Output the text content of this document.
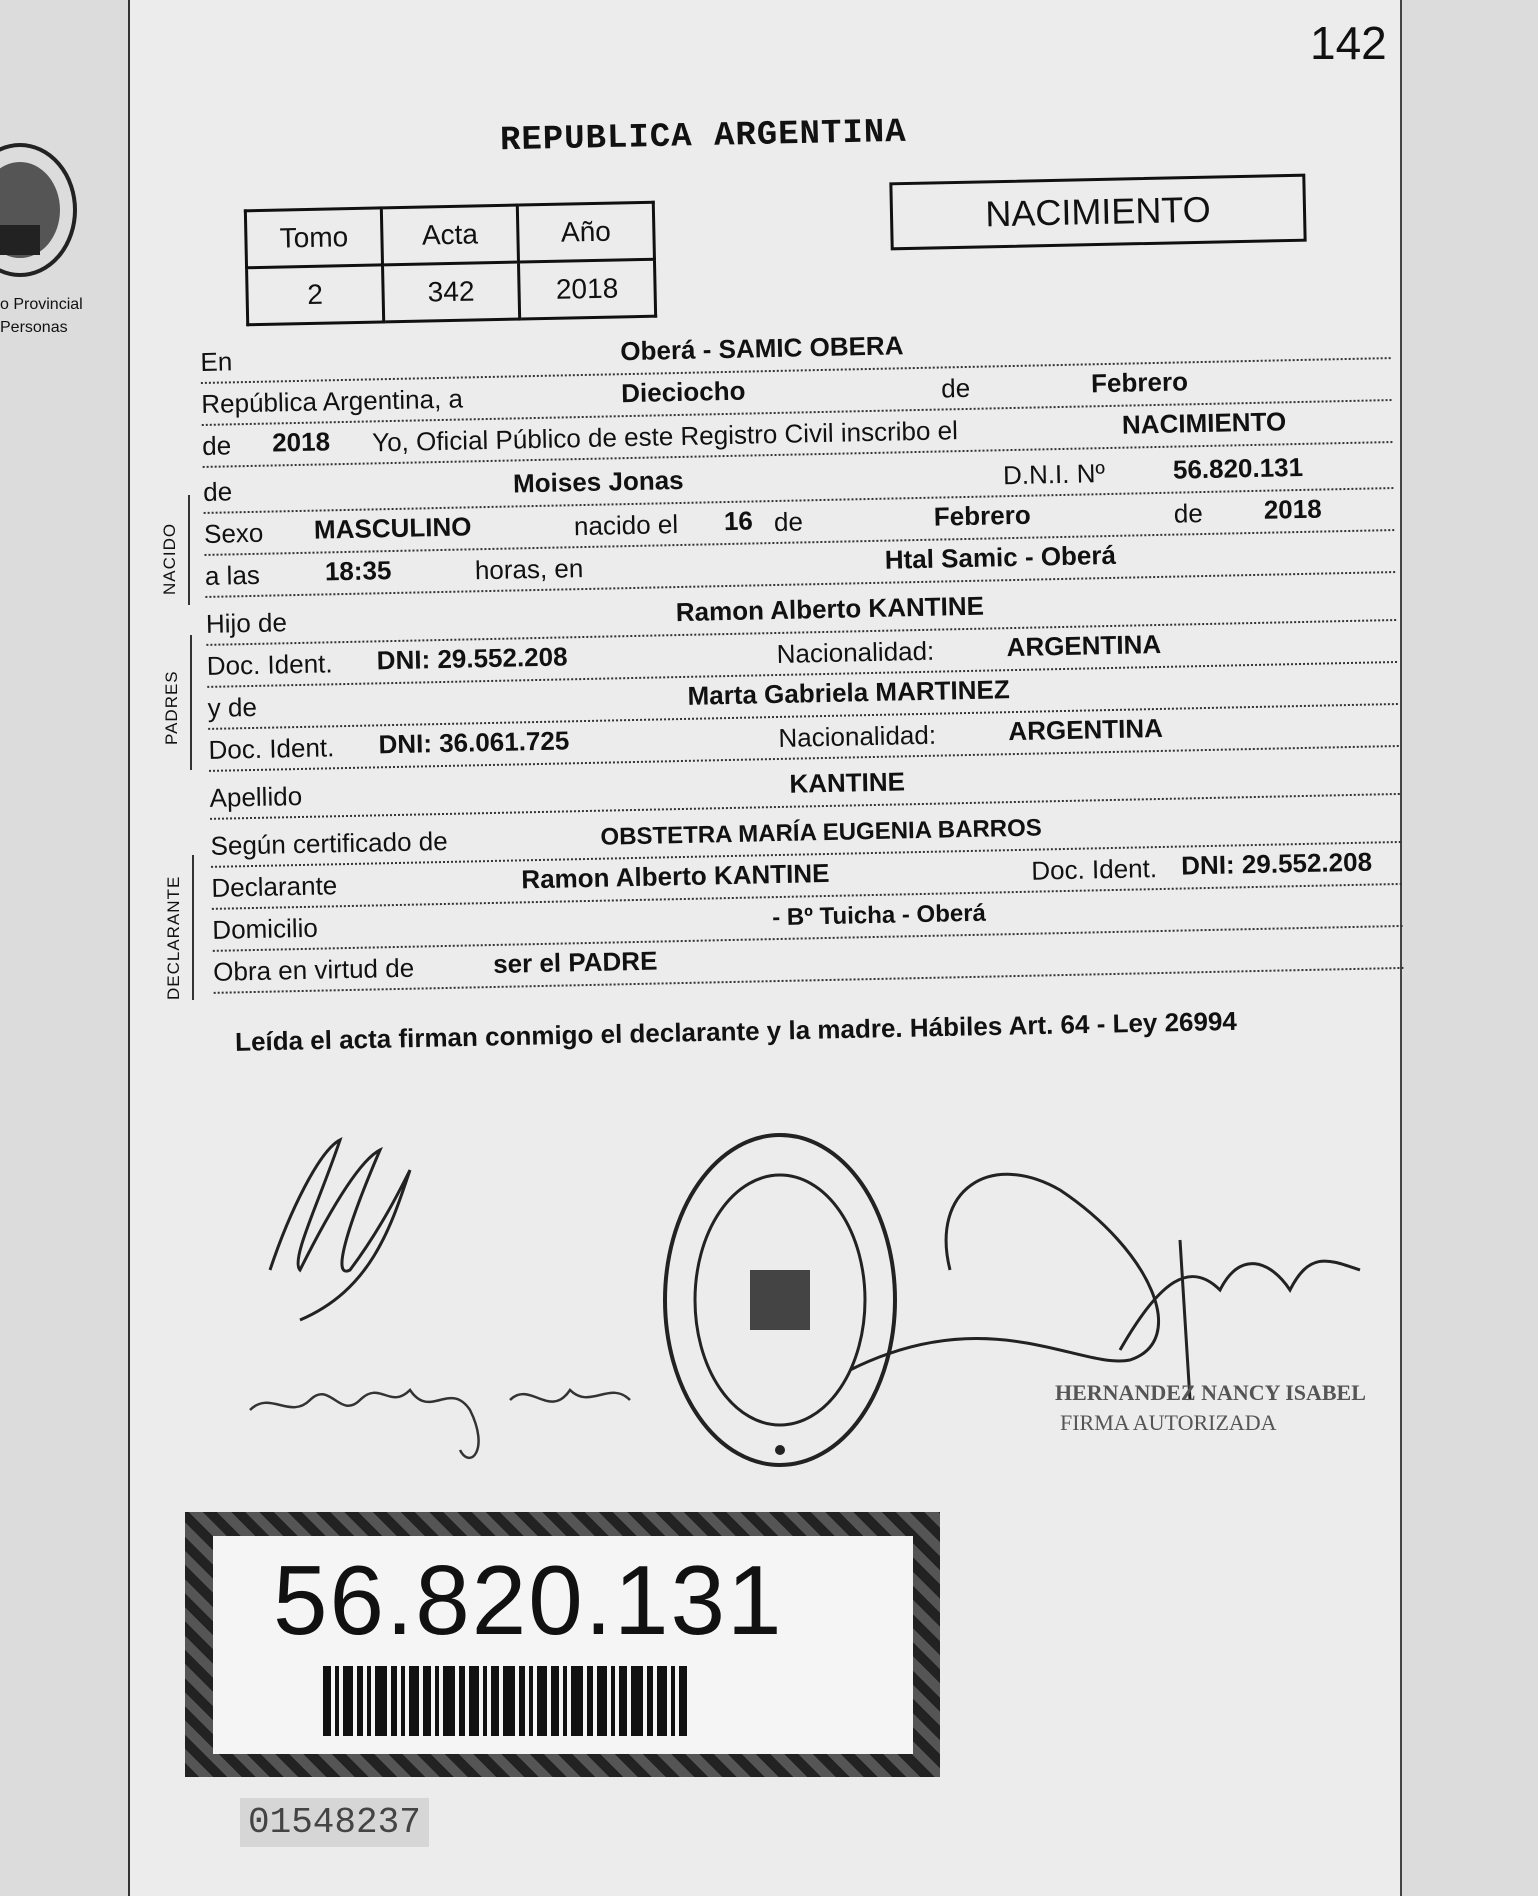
142
o Provincial
Personas
REPUBLICA ARGENTINA
NACIMIENTO
Tomo	Acta	Año
2	342	2018
NACIDO
PADRES
DECLARANTE
En	Oberá - SAMIC OBERA
República Argentina, a	Dieciocho	de	Febrero
de 2018 Yo, Oficial Público de este Registro Civil inscribo el	NACIMIENTO
de	Moises Jonas	D.N.I. Nº	56.820.131
Sexo MASCULINO	nacido el 16 de	Febrero	de 2018
a las 18:35	horas, en	Htal Samic - Oberá
Hijo de	Ramon Alberto KANTINE
Doc. Ident. DNI: 29.552.208	Nacionalidad:	ARGENTINA
y de	Marta Gabriela MARTINEZ
Doc. Ident. DNI: 36.061.725	Nacionalidad:	ARGENTINA
Apellido	KANTINE
Según certificado de	OBSTETRA MARÍA EUGENIA BARROS
Declarante	Ramon Alberto KANTINE	Doc. Ident. DNI: 29.552.208
Domicilio	- Bº Tuicha - Oberá
Obra en virtud de	ser el PADRE
Leída el acta firman conmigo el declarante y la madre. Hábiles Art. 64 - Ley 26994
HERNANDEZ NANCY ISABEL
FIRMA AUTORIZADA
56.820.131
01548237
